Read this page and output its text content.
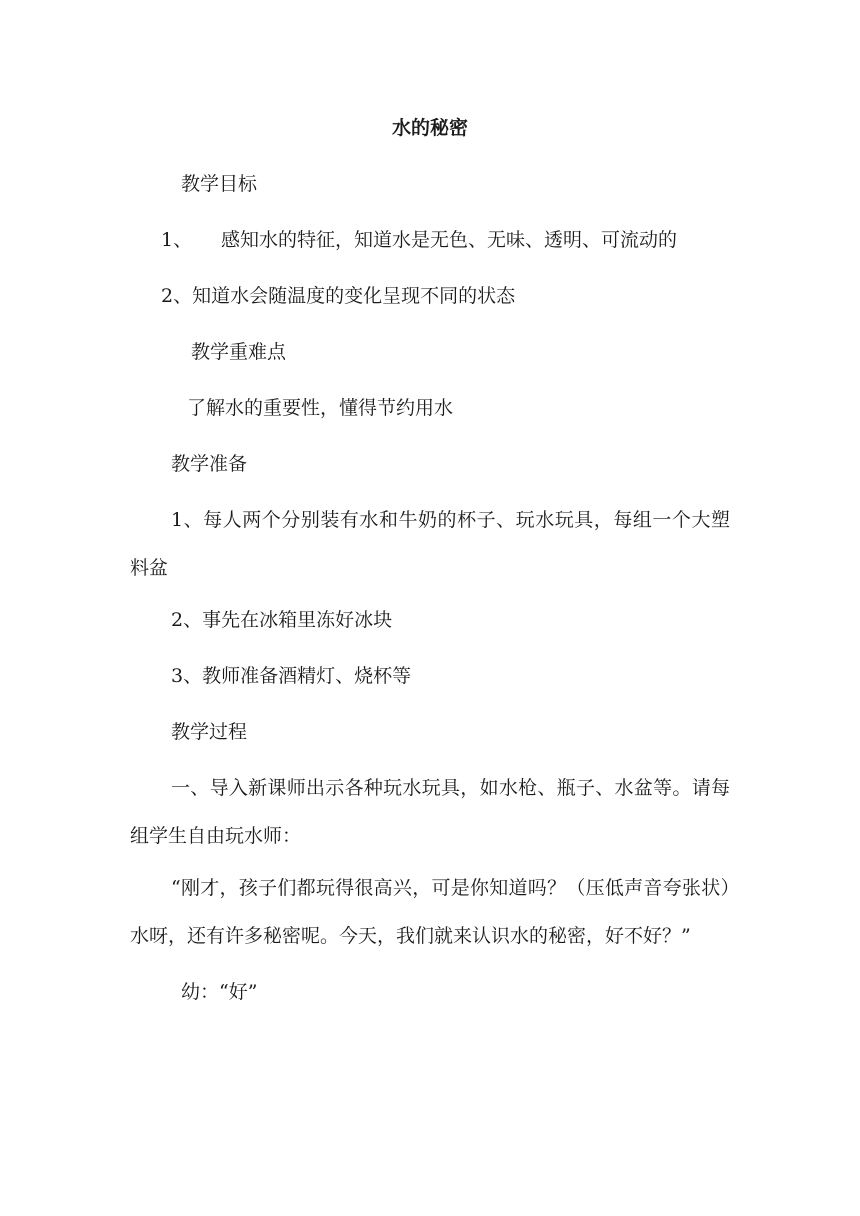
水的秘密
教学目标
1、 感知水的特征，知道水是无色、无味、透明、可流动的
2、知道水会随温度的变化呈现不同的状态
教学重难点
了解水的重要性，懂得节约用水
教学准备
1、每人两个分别装有水和牛奶的杯子、玩水玩具，每组一个大塑料盆
2、事先在冰箱里冻好冰块
3、教师准备酒精灯、烧杯等
教学过程
一、导入新课师出示各种玩水玩具，如水枪、瓶子、水盆等。请每组学生自由玩水师：
“刚才，孩子们都玩得很高兴，可是你知道吗？（压低声音夸张状）水呀，还有许多秘密呢。今天，我们就来认识水的秘密，好不好？”
幼：“好”
